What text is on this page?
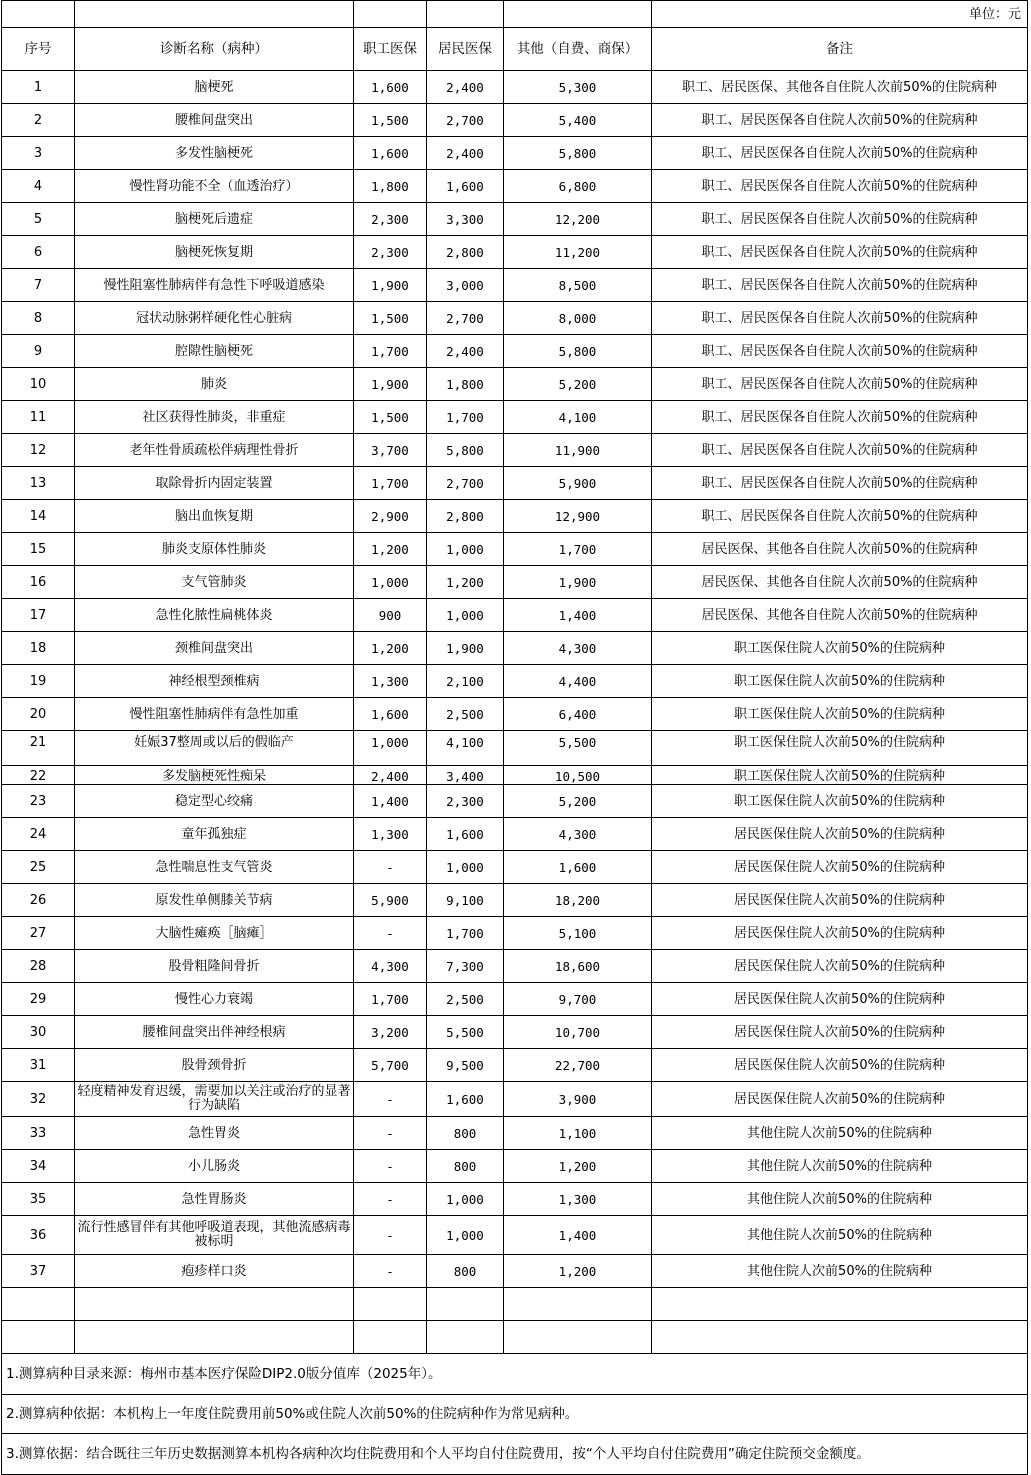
					单位：元
序号	诊断名称（病种）	职工医保	居民医保	其他（自费、商保）	备注
1	脑梗死	1,600	2,400	5,300	职工、居民医保、其他各自住院人次前50%的住院病种
2	腰椎间盘突出	1,500	2,700	5,400	职工、居民医保各自住院人次前50%的住院病种
3	多发性脑梗死	1,600	2,400	5,800	职工、居民医保各自住院人次前50%的住院病种
4	慢性肾功能不全（血透治疗）	1,800	1,600	6,800	职工、居民医保各自住院人次前50%的住院病种
5	脑梗死后遗症	2,300	3,300	12,200	职工、居民医保各自住院人次前50%的住院病种
6	脑梗死恢复期	2,300	2,800	11,200	职工、居民医保各自住院人次前50%的住院病种
7	慢性阻塞性肺病伴有急性下呼吸道感染	1,900	3,000	8,500	职工、居民医保各自住院人次前50%的住院病种
8	冠状动脉粥样硬化性心脏病	1,500	2,700	8,000	职工、居民医保各自住院人次前50%的住院病种
9	腔隙性脑梗死	1,700	2,400	5,800	职工、居民医保各自住院人次前50%的住院病种
10	肺炎	1,900	1,800	5,200	职工、居民医保各自住院人次前50%的住院病种
11	社区获得性肺炎，非重症	1,500	1,700	4,100	职工、居民医保各自住院人次前50%的住院病种
12	老年性骨质疏松伴病理性骨折	3,700	5,800	11,900	职工、居民医保各自住院人次前50%的住院病种
13	取除骨折内固定装置	1,700	2,700	5,900	职工、居民医保各自住院人次前50%的住院病种
14	脑出血恢复期	2,900	2,800	12,900	职工、居民医保各自住院人次前50%的住院病种
15	肺炎支原体性肺炎	1,200	1,000	1,700	居民医保、其他各自住院人次前50%的住院病种
16	支气管肺炎	1,000	1,200	1,900	居民医保、其他各自住院人次前50%的住院病种
17	急性化脓性扁桃体炎	900	1,000	1,400	居民医保、其他各自住院人次前50%的住院病种
18	颈椎间盘突出	1,200	1,900	4,300	职工医保住院人次前50%的住院病种
19	神经根型颈椎病	1,300	2,100	4,400	职工医保住院人次前50%的住院病种
20	慢性阻塞性肺病伴有急性加重	1,600	2,500	6,400	职工医保住院人次前50%的住院病种
21	妊娠37整周或以后的假临产	1,000	4,100	5,500	职工医保住院人次前50%的住院病种
22	多发脑梗死性痴呆	2,400	3,400	10,500	职工医保住院人次前50%的住院病种
23	稳定型心绞痛	1,400	2,300	5,200	职工医保住院人次前50%的住院病种
24	童年孤独症	1,300	1,600	4,300	居民医保住院人次前50%的住院病种
25	急性喘息性支气管炎	-	1,000	1,600	居民医保住院人次前50%的住院病种
26	原发性单侧膝关节病	5,900	9,100	18,200	居民医保住院人次前50%的住院病种
27	大脑性瘫痪［脑瘫］	-	1,700	5,100	居民医保住院人次前50%的住院病种
28	股骨粗隆间骨折	4,300	7,300	18,600	居民医保住院人次前50%的住院病种
29	慢性心力衰竭	1,700	2,500	9,700	居民医保住院人次前50%的住院病种
30	腰椎间盘突出伴神经根病	3,200	5,500	10,700	居民医保住院人次前50%的住院病种
31	股骨颈骨折	5,700	9,500	22,700	居民医保住院人次前50%的住院病种
32	轻度精神发育迟缓，需要加以关注或治疗的显著行为缺陷	-	1,600	3,900	居民医保住院人次前50%的住院病种
33	急性胃炎	-	800	1,100	其他住院人次前50%的住院病种
34	小儿肠炎	-	800	1,200	其他住院人次前50%的住院病种
35	急性胃肠炎	-	1,000	1,300	其他住院人次前50%的住院病种
36	流行性感冒伴有其他呼吸道表现，其他流感病毒被标明	-	1,000	1,400	其他住院人次前50%的住院病种
37	疱疹样口炎	-	800	1,200	其他住院人次前50%的住院病种

1.测算病种目录来源：梅州市基本医疗保险DIP2.0版分值库（2025年）。					
2.测算病种依据：本机构上一年度住院费用前50%或住院人次前50%的住院病种作为常见病种。					
3.测算依据：结合既往三年历史数据测算本机构各病种次均住院费用和个人平均自付住院费用，按“个人平均自付住院费用”确定住院预交金额度。					
